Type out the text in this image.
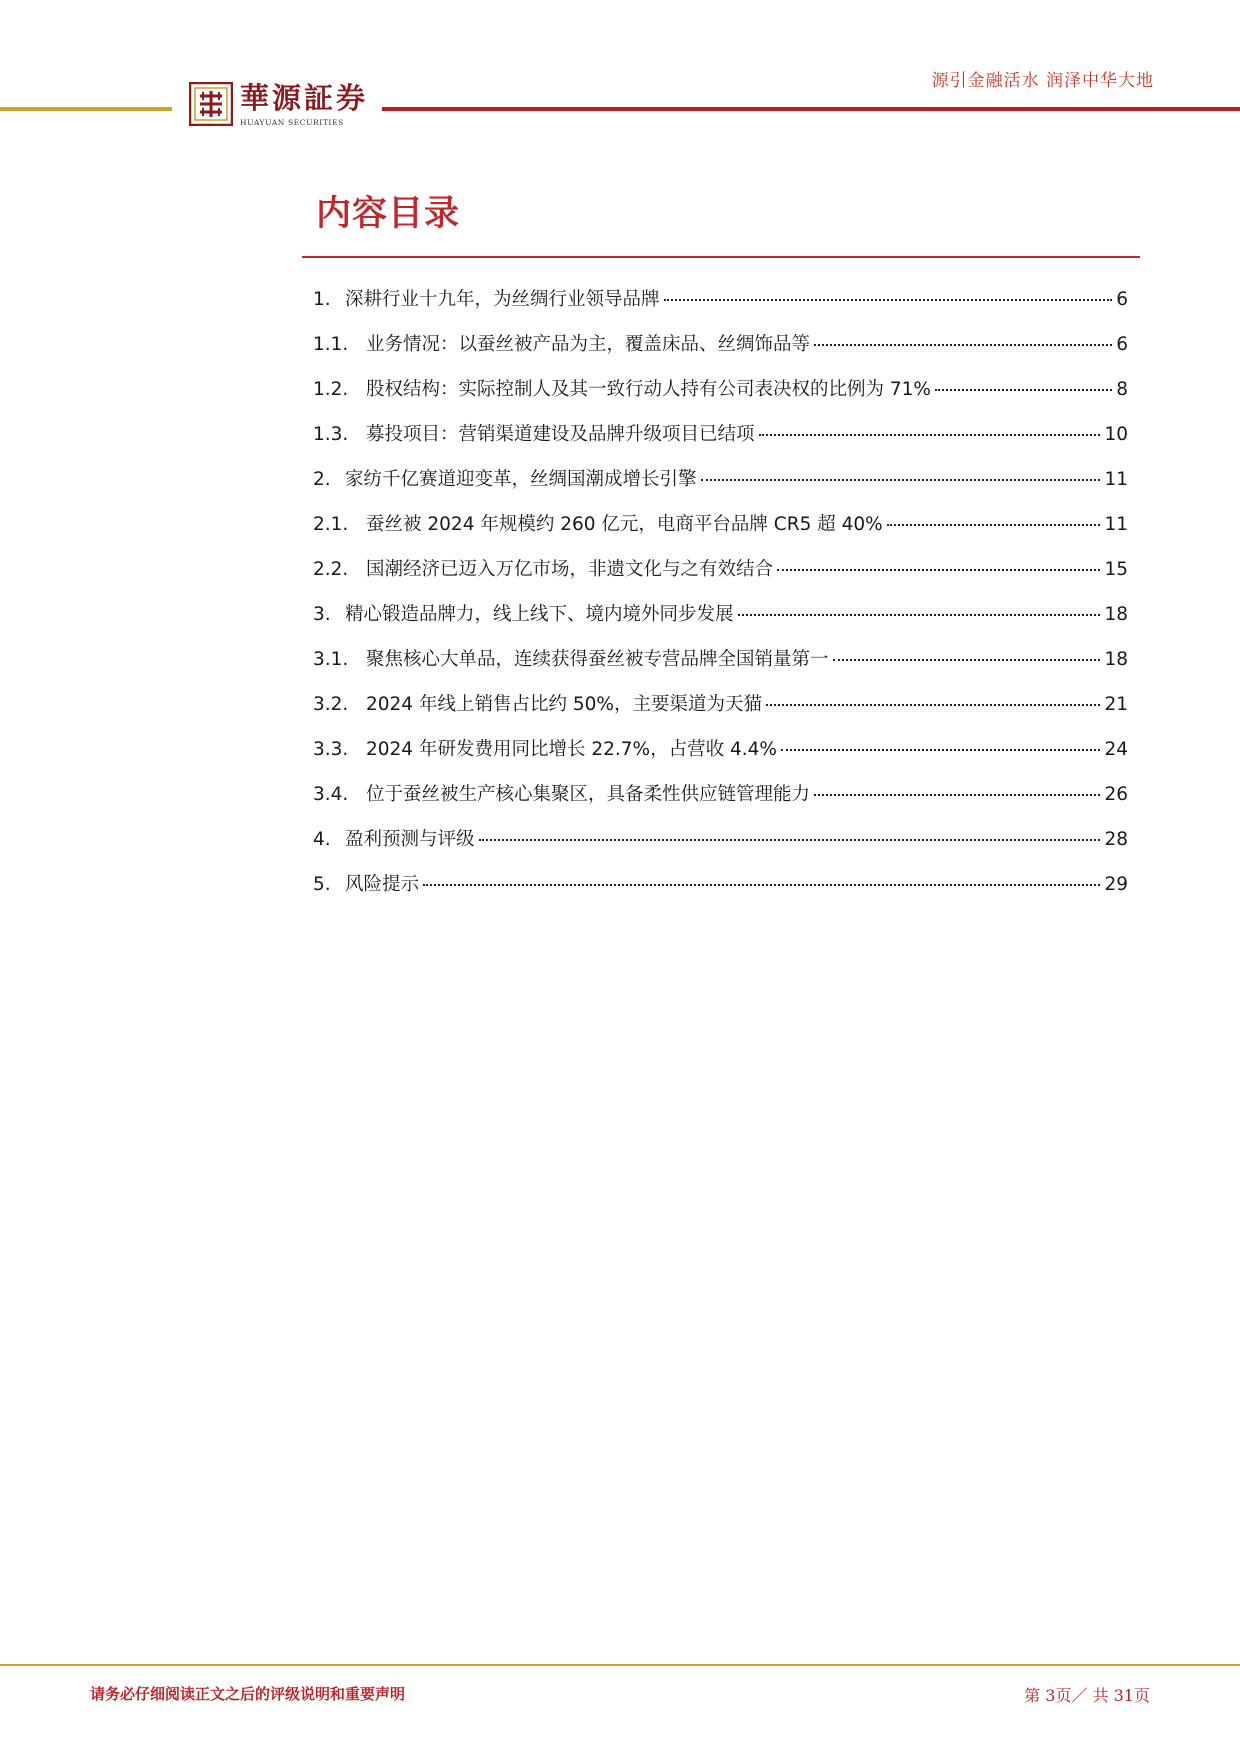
源引金融活水 润泽中华大地
華源証券
HUAYUAN SECURITIES
内容目录
1. 深耕行业十九年，为丝绸行业领导品牌	6
1.1. 业务情况：以蚕丝被产品为主，覆盖床品、丝绸饰品等	6
1.2. 股权结构：实际控制人及其一致行动人持有公司表决权的比例为 71%	8
1.3. 募投项目：营销渠道建设及品牌升级项目已结项	10
2. 家纺千亿赛道迎变革，丝绸国潮成增长引擎	11
2.1. 蚕丝被 2024 年规模约 260 亿元，电商平台品牌 CR5 超 40%	11
2.2. 国潮经济已迈入万亿市场，非遗文化与之有效结合	15
3. 精心锻造品牌力，线上线下、境内境外同步发展	18
3.1. 聚焦核心大单品，连续获得蚕丝被专营品牌全国销量第一	18
3.2. 2024 年线上销售占比约 50%，主要渠道为天猫	21
3.3. 2024 年研发费用同比增长 22.7%，占营收 4.4%	24
3.4. 位于蚕丝被生产核心集聚区，具备柔性供应链管理能力	26
4. 盈利预测与评级	28
5. 风险提示	29
请务必仔细阅读正文之后的评级说明和重要声明	第 3页／ 共 31页
